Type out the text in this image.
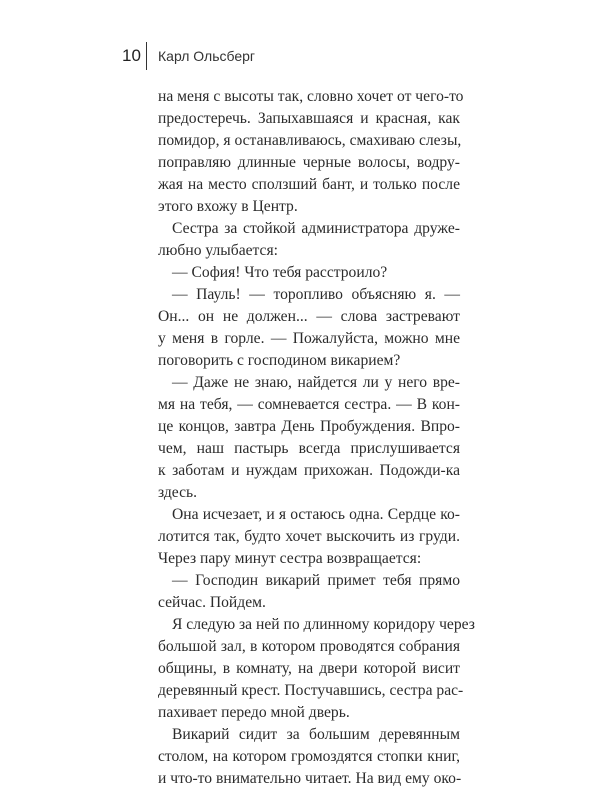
10 Карл Ольсберг
на меня с высоты так, словно хочет от чего-то
предостеречь. Запыхавшаяся и красная, как
помидор, я останавливаюсь, смахиваю слезы,
поправляю длинные черные волосы, водру-
жая на место сползший бант, и только после
этого вхожу в Центр.
Сестра за стойкой администратора друже-
любно улыбается:
— София! Что тебя расстроило?
— Пауль! — торопливо объясняю я. —
Он... он не должен... — слова застревают
у меня в горле. — Пожалуйста, можно мне
поговорить с господином викарием?
— Даже не знаю, найдется ли у него вре-
мя на тебя, — сомневается сестра. — В кон-
це концов, завтра День Пробуждения. Впро-
чем, наш пастырь всегда прислушивается
к заботам и нуждам прихожан. Подожди-ка
здесь.
Она исчезает, и я остаюсь одна. Сердце ко-
лотится так, будто хочет выскочить из груди.
Через пару минут сестра возвращается:
— Господин викарий примет тебя прямо
сейчас. Пойдем.
Я следую за ней по длинному коридору через
большой зал, в котором проводятся собрания
общины, в комнату, на двери которой висит
деревянный крест. Постучавшись, сестра рас-
пахивает передо мной дверь.
Викарий сидит за большим деревянным
столом, на котором громоздятся стопки книг,
и что-то внимательно читает. На вид ему око-
